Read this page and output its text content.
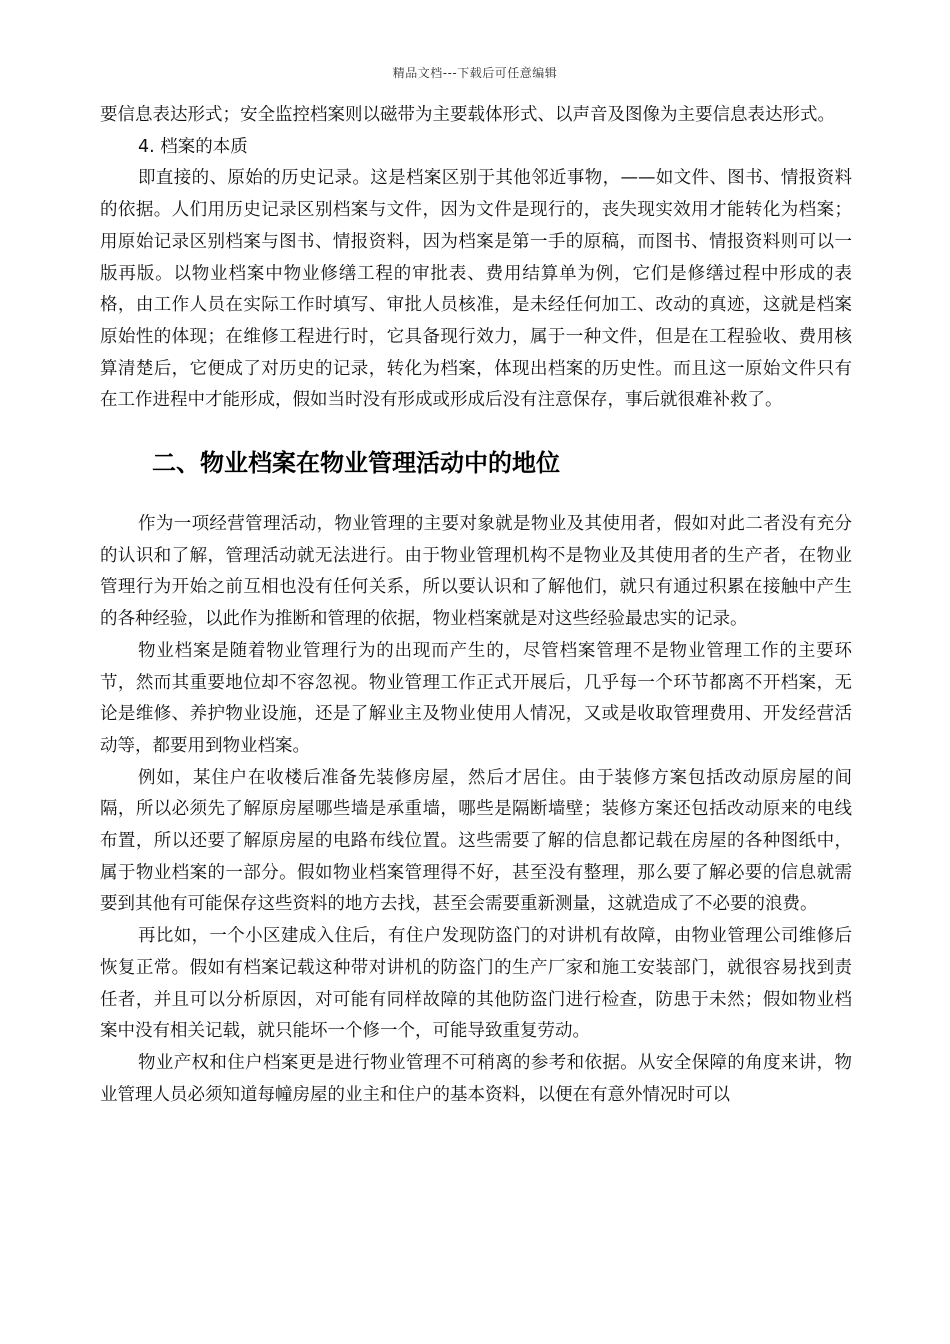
精品文档---下载后可任意编辑

要信息表达形式；安全监控档案则以磁带为主要载体形式、以声音及图像为主要信息表达形式。

4. 档案的本质

即直接的、原始的历史记录。这是档案区别于其他邻近事物，——如文件、图书、情报资料的依据。人们用历史记录区别档案与文件，因为文件是现行的，丧失现实效用才能转化为档案；用原始记录区别档案与图书、情报资料，因为档案是第一手的原稿，而图书、情报资料则可以一版再版。以物业档案中物业修缮工程的审批表、费用结算单为例，它们是修缮过程中形成的表格，由工作人员在实际工作时填写、审批人员核准，是未经任何加工、改动的真迹，这就是档案原始性的体现；在维修工程进行时，它具备现行效力，属于一种文件，但是在工程验收、费用核算清楚后，它便成了对历史的记录，转化为档案，体现出档案的历史性。而且这一原始文件只有在工作进程中才能形成，假如当时没有形成或形成后没有注意保存，事后就很难补救了。

二、物业档案在物业管理活动中的地位

作为一项经营管理活动，物业管理的主要对象就是物业及其使用者，假如对此二者没有充分的认识和了解，管理活动就无法进行。由于物业管理机构不是物业及其使用者的生产者，在物业管理行为开始之前互相也没有任何关系，所以要认识和了解他们，就只有通过积累在接触中产生的各种经验，以此作为推断和管理的依据，物业档案就是对这些经验最忠实的记录。

物业档案是随着物业管理行为的出现而产生的，尽管档案管理不是物业管理工作的主要环节，然而其重要地位却不容忽视。物业管理工作正式开展后，几乎每一个环节都离不开档案，无论是维修、养护物业设施，还是了解业主及物业使用人情况，又或是收取管理费用、开发经营活动等，都要用到物业档案。

例如，某住户在收楼后准备先装修房屋，然后才居住。由于装修方案包括改动原房屋的间隔，所以必须先了解原房屋哪些墙是承重墙，哪些是隔断墙壁；装修方案还包括改动原来的电线布置，所以还要了解原房屋的电路布线位置。这些需要了解的信息都记载在房屋的各种图纸中，属于物业档案的一部分。假如物业档案管理得不好，甚至没有整理，那么要了解必要的信息就需要到其他有可能保存这些资料的地方去找，甚至会需要重新测量，这就造成了不必要的浪费。

再比如，一个小区建成入住后，有住户发现防盗门的对讲机有故障，由物业管理公司维修后恢复正常。假如有档案记载这种带对讲机的防盗门的生产厂家和施工安装部门，就很容易找到责任者，并且可以分析原因，对可能有同样故障的其他防盗门进行检查，防患于未然；假如物业档案中没有相关记载，就只能坏一个修一个，可能导致重复劳动。

物业产权和住户档案更是进行物业管理不可稍离的参考和依据。从安全保障的角度来讲，物业管理人员必须知道每幢房屋的业主和住户的基本资料，以便在有意外情况时可以
